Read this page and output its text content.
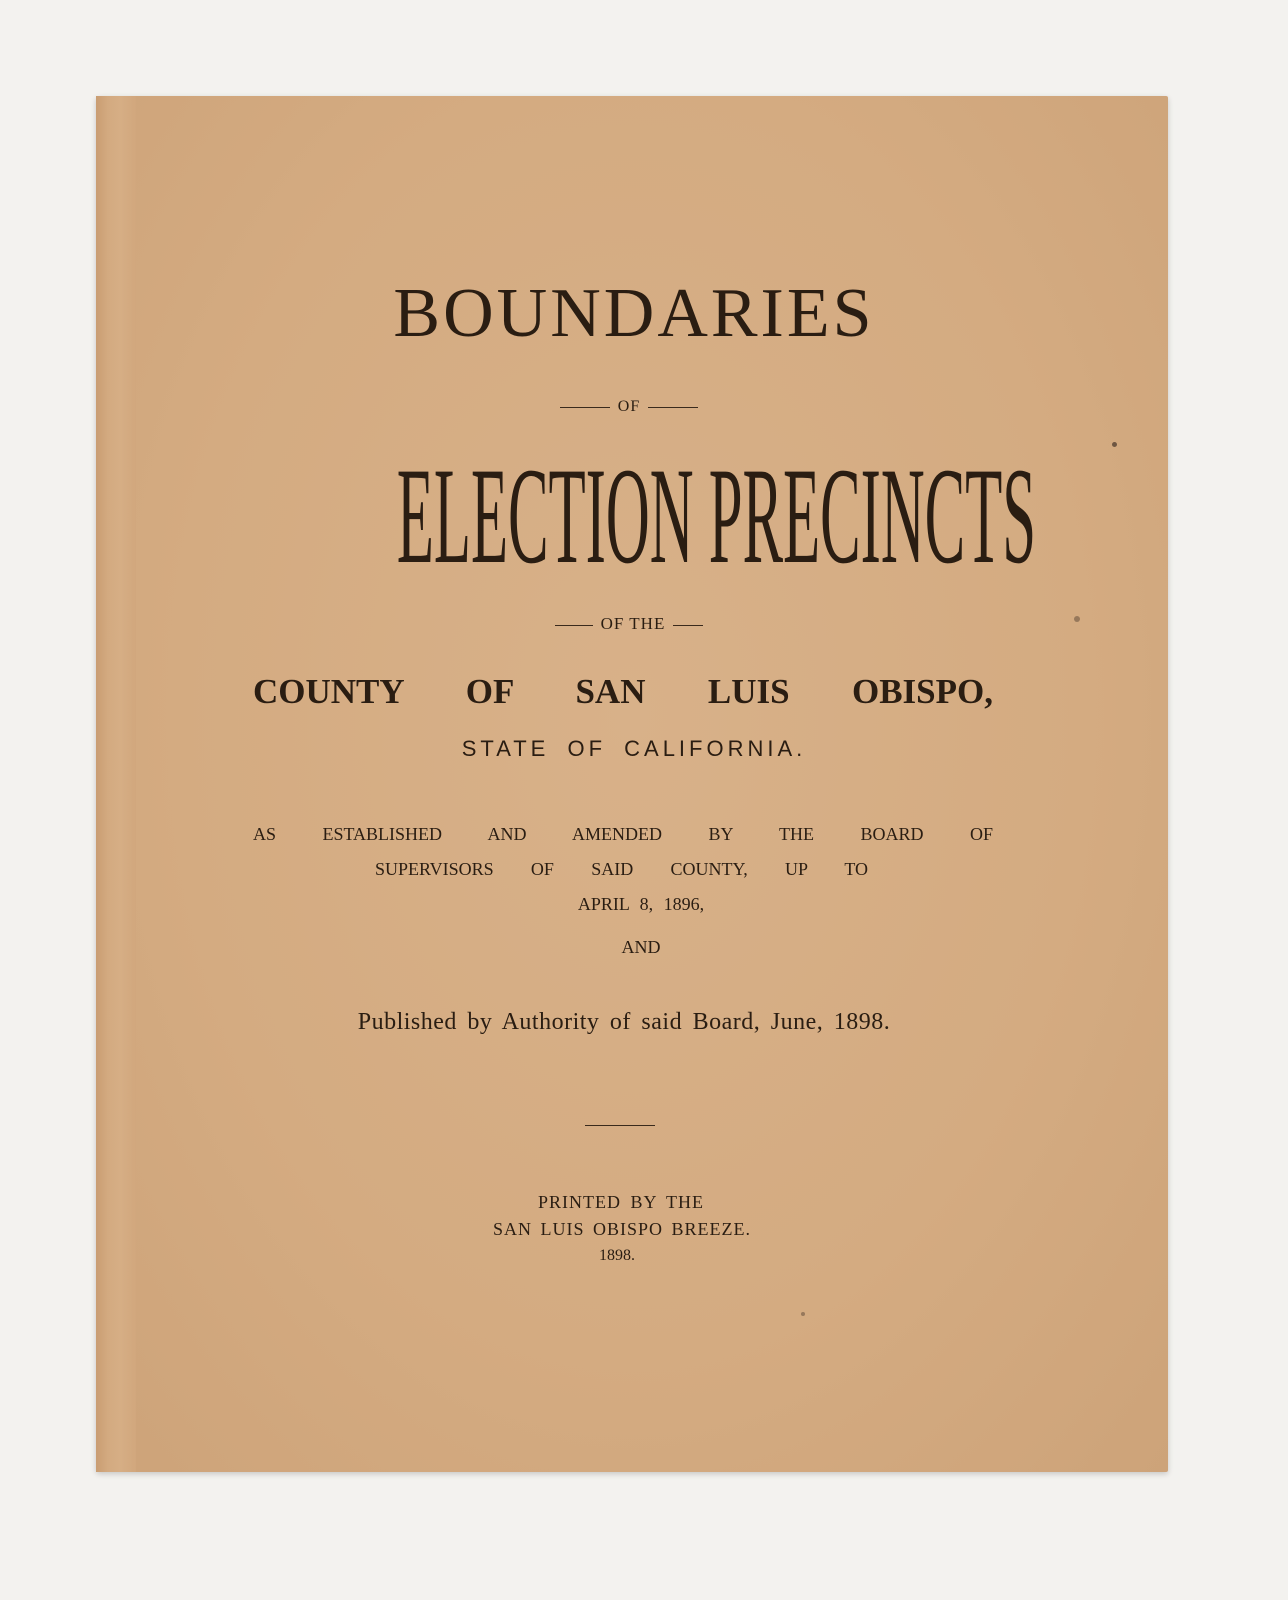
BOUNDARIES
OF
ELECTION PRECINCTS
OF THE
COUNTY OF SAN LUIS OBISPO,
STATE OF CALIFORNIA.
AS ESTABLISHED AND AMENDED BY THE BOARD OF
SUPERVISORS OF SAID COUNTY, UP TO
APRIL 8, 1896,
AND
Published by Authority of said Board, June, 1898.
PRINTED BY THE
SAN LUIS OBISPO BREEZE.
1898.
